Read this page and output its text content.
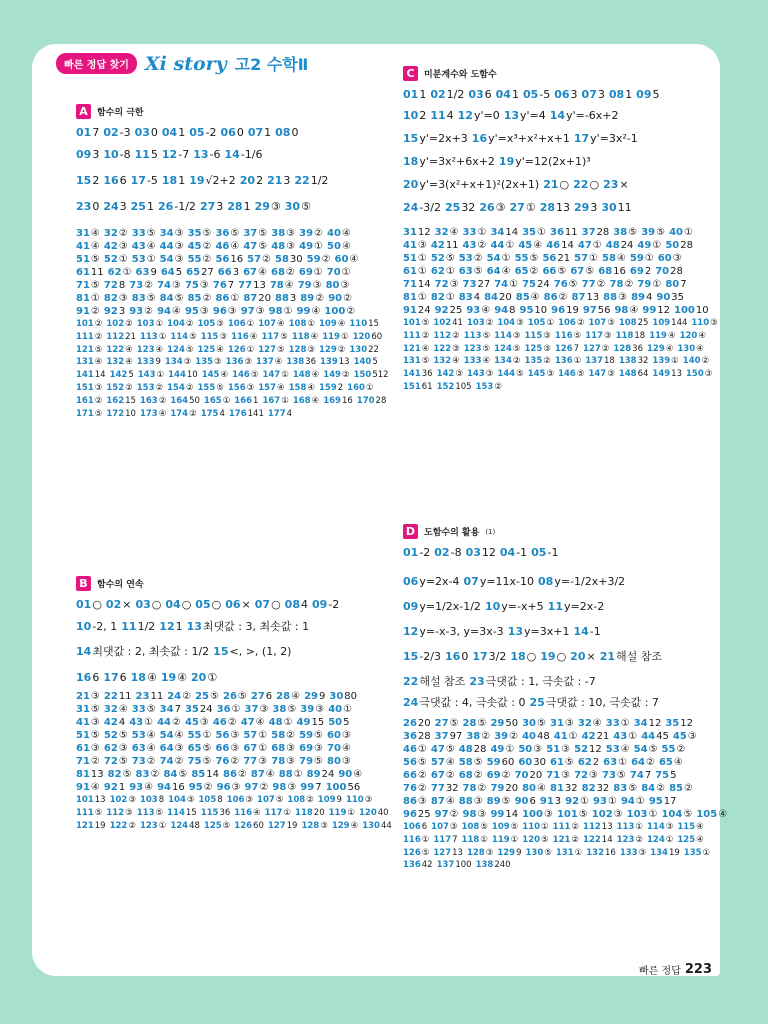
빠른 정답 찾기 Xi story 고2 수학Ⅱ
A	함수의 극한
017 02-3 030 041 05-2 060 071 080
093 10-8 115 12-7 13-6 14-1/6
152 166 17-5 181 19√2+2 202 213 221/2
230 243 251 26-1/2 273 281 29③ 30⑤
31④ 32② 33⑤ 34③ 35⑤ 36⑤ 37⑤ 38③ 39② 40④
41④ 42③ 43④ 44③ 45② 46④ 47⑤ 48③ 49① 50④
51⑤ 52① 53① 54③ 55② 5616 57② 5830 59② 60④
6111 62① 639 645 6527 663 67④ 68② 69① 70①
71⑤ 728 73② 74③ 75③ 767 7713 78④ 79③ 80③
81① 82③ 83⑤ 84⑤ 85② 86① 8720 883 89② 90②
91② 923 93② 94④ 95③ 96③ 97③ 98① 99④ 100②
101② 102② 103① 104② 105③ 106① 107④ 108① 109④ 11015
111② 11221 113① 114⑤ 115③ 116④ 117⑤ 118④ 119① 12060
121⑤ 122④ 123④ 124⑤ 125④ 126① 127⑤ 128③ 129② 13022
131④ 132④ 1339 134③ 135③ 136③ 137④ 13836 13913 1405
14114 1425 143① 14410 145④ 146⑤ 147① 148④ 149② 150512
151③ 152② 153② 154② 155⑤ 156③ 157④ 158④ 1592 160①
161② 16215 163② 16450 165① 1661 167① 168④ 16916 17028
171⑤ 17210 173④ 174② 1754 176141 1774
B	함수의 연속
01○ 02× 03○ 04○ 05○ 06× 07○ 084 09-2
10-2, 1 111/2 121 13최댓값 : 3, 최솟값 : 1
14최댓값 : 2, 최솟값 : 1/2 15<, >, (1, 2)
166 176 18④ 19④ 20①
21③ 2211 2311 24② 25⑤ 26⑤ 276 28④ 299 3080
31⑤ 32④ 33⑤ 347 3524 36① 37③ 38⑤ 39③ 40①
41③ 424 43① 44② 45③ 46② 47④ 48① 4915 505
51⑤ 52⑤ 53④ 54④ 55① 56③ 57① 58② 59⑤ 60③
61③ 62③ 63④ 64③ 65⑤ 66③ 67① 68③ 69③ 70④
71② 72⑤ 73② 74② 75⑤ 76② 77③ 78③ 79⑤ 80③
8113 82⑤ 83② 84⑤ 8514 86② 87④ 88① 8924 90④
91④ 921 93④ 9416 95② 96③ 97② 98③ 997 10056
10113 102③ 1038 104③ 1058 106③ 107⑤ 108② 1099 110③
111⑤ 112③ 113⑤ 11415 11536 116④ 117① 11820 119① 12040
12119 122② 123① 12448 125⑤ 12660 12719 128③ 129④ 13044
C	미분계수와 도함수
011 021/2 036 041 05-5 063 073 081 095
102 114 12y'=0 13y'=4 14y'=-6x+2
15y'=2x+3 16y'=x³+x²+x+1 17y'=3x²-1
18y'=3x²+6x+2 19y'=12(2x+1)³
20y'=3(x²+x+1)²(2x+1) 21○ 22○ 23×
24-3/2 2532 26③ 27① 2813 293 3011
3112 32④ 33① 3414 35① 3611 3728 38⑤ 39⑤ 40①
41③ 4211 43② 44① 45④ 4614 47① 4824 49① 5028
51① 52⑤ 53② 54① 55⑤ 5621 57① 58④ 59① 60③
61① 62① 63⑤ 64④ 65② 66⑤ 67⑤ 6816 692 7028
7114 72③ 7327 74① 7524 76⑤ 77② 78② 79① 807
81① 82① 834 8420 85④ 86② 8713 88③ 894 9035
9124 9225 93④ 948 9510 9619 9756 98④ 9912 10010
101⑤ 10241 103② 104③ 105① 106② 107③ 10825 109144 110③
111② 112② 113⑤ 114③ 115③ 116⑤ 117③ 11818 119④ 120④
121④ 122③ 123⑤ 124⑤ 125③ 1267 127② 12836 129④ 130④
131⑤ 132④ 133④ 134② 135② 136① 13718 13832 139① 140②
14136 142③ 143③ 144⑤ 145③ 146⑤ 147③ 14864 14913 150③
15161 152105 153②
D 도함수의 활용 (1)
01-2 02-8 0312 04-1 05-1
06y=2x-4 07y=11x-10 08y=-1/2x+3/2
09y=1/2x-1/2 10y=-x+5 11y=2x-2
12y=-x-3, y=3x-3 13y=3x+1 14-1
15-2/3 160 173/2 18○ 19○ 20× 21해설 참조
22해설 참조 23극댓값 : 1, 극솟값 : -7
24극댓값 : 4, 극솟값 : 0 25극댓값 : 10, 극솟값 : 7
2620 27⑤ 28⑤ 2950 30⑤ 31③ 32④ 33① 3412 3512
3628 3797 38② 39② 4048 41① 4221 43① 4445 45③
46① 47⑤ 4828 49① 50③ 51③ 5212 53④ 54⑤ 55②
56⑤ 57④ 58⑤ 5960 6030 61⑤ 622 63① 64② 65④
66② 67② 68② 69② 7020 71③ 72③ 73⑤ 747 755
76② 7732 78② 7920 80④ 8132 8232 83⑤ 84② 85②
86③ 87④ 88③ 89⑤ 906 913 92① 93① 94① 9517
9625 97② 98③ 9914 100③ 101⑤ 102③ 103① 104⑤ 105④
1066 107③ 108⑤ 109⑤ 110① 111② 11213 113① 114③ 115④
116① 1177 118① 119① 120⑤ 121② 12214 123② 124① 125④
126⑤ 12713 128③ 1299 130⑤ 131① 13216 133③ 13419 135①
13642 137100 138240
빠른 정답 223
